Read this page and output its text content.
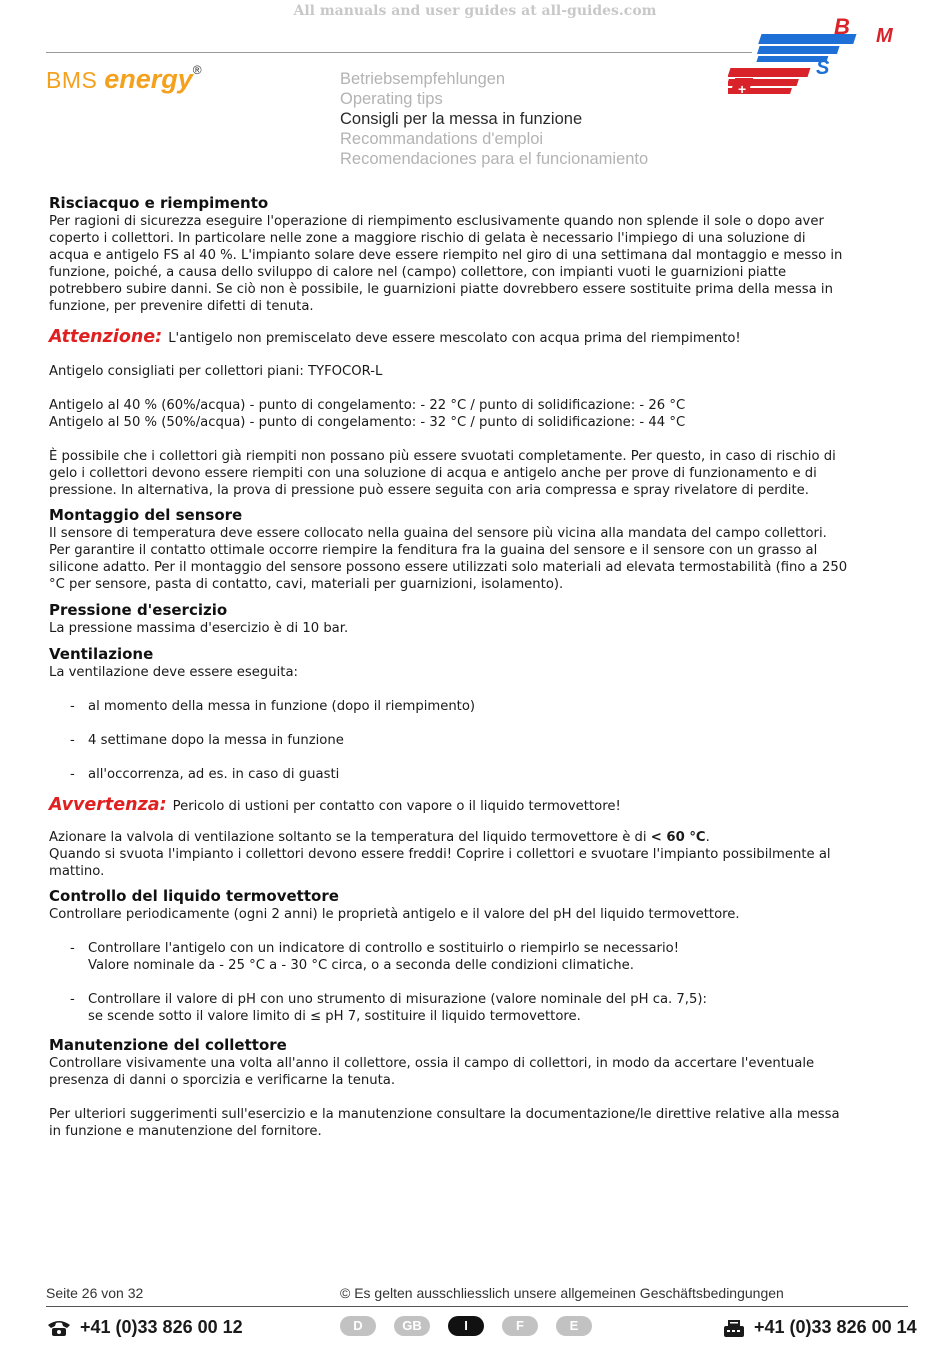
All manuals and user guides at all-guides.com
BMS energy®	Betriebsempfehlungen
Operating tips
Consigli per la messa in funzione
Recommandations d'emploi
Recomendaciones para el funcionamiento
B M
S
+
Risciacquo e riempimento

Per ragioni di sicurezza eseguire l'operazione di riempimento esclusivamente quando non splende il sole o dopo aver coperto i collettori. In particolare nelle zone a maggiore rischio di gelata è necessario l'impiego di una soluzione di acqua e antigelo FS al 40 %. L'impianto solare deve essere riempito nel giro di una settimana dal montaggio e messo in funzione, poiché, a causa dello sviluppo di calore nel (campo) collettore, con impianti vuoti le guarnizioni piatte potrebbero subire danni. Se ciò non è possibile, le guarnizioni piatte dovrebbero essere sostituite prima della messa in funzione, per prevenire difetti di tenuta.

Attenzione: L'antigelo non premiscelato deve essere mescolato con acqua prima del riempimento!

Antigelo consigliati per collettori piani: TYFOCOR-L

Antigelo al 40 % (60%/acqua) - punto di congelamento: - 22 °C / punto di solidificazione: - 26 °C

Antigelo al 50 % (50%/acqua) - punto di congelamento: - 32 °C / punto di solidificazione: - 44 °C

È possibile che i collettori già riempiti non possano più essere svuotati completamente. Per questo, in caso di rischio di gelo i collettori devono essere riempiti con una soluzione di acqua e antigelo anche per prove di funzionamento e di pressione. In alternativa, la prova di pressione può essere seguita con aria compressa e spray rivelatore di perdite.

Montaggio del sensore

Il sensore di temperatura deve essere collocato nella guaina del sensore più vicina alla mandata del campo collettori. Per garantire il contatto ottimale occorre riempire la fenditura fra la guaina del sensore e il sensore con un grasso al silicone adatto. Per il montaggio del sensore possono essere utilizzati solo materiali ad elevata termostabilità (fino a 250 °C per sensore, pasta di contatto, cavi, materiali per guarnizioni, isolamento).

Pressione d'esercizio

La pressione massima d'esercizio è di 10 bar.

Ventilazione

La ventilazione deve essere eseguita:

-	al momento della messa in funzione (dopo il riempimento)
-	4 settimane dopo la messa in funzione
-	all'occorrenza, ad es. in caso di guasti
Avvertenza: Pericolo di ustioni per contatto con vapore o il liquido termovettore!

Azionare la valvola di ventilazione soltanto se la temperatura del liquido termovettore è di < 60 °C.

Quando si svuota l'impianto i collettori devono essere freddi! Coprire i collettori e svuotare l'impianto possibilmente al mattino.

Controllo del liquido termovettore

Controllare periodicamente (ogni 2 anni) le proprietà antigelo e il valore del pH del liquido termovettore.

-	Controllare l'antigelo con un indicatore di controllo e sostituirlo o riempirlo se necessario!
Valore nominale da - 25 °C a - 30 °C circa, o a seconda delle condizioni climatiche.
-	Controllare il valore di pH con uno strumento di misurazione (valore nominale del pH ca. 7,5):
se scende sotto il valore limito di ≤ pH 7, sostituire il liquido termovettore.
Manutenzione del collettore

Controllare visivamente una volta all'anno il collettore, ossia il campo di collettori, in modo da accertare l'eventuale presenza di danni o sporcizia e verificarne la tenuta.

Per ulteriori suggerimenti sull'esercizio e la manutenzione consultare la documentazione/le direttive relative alla messa in funzione e manutenzione del fornitore.

Seite 26 von 32	© Es gelten ausschliesslich unsere allgemeinen Geschäftsbedingungen
+41 (0)33 826 00 12	D	GB	I	F	E	+41 (0)33 826 00 14
